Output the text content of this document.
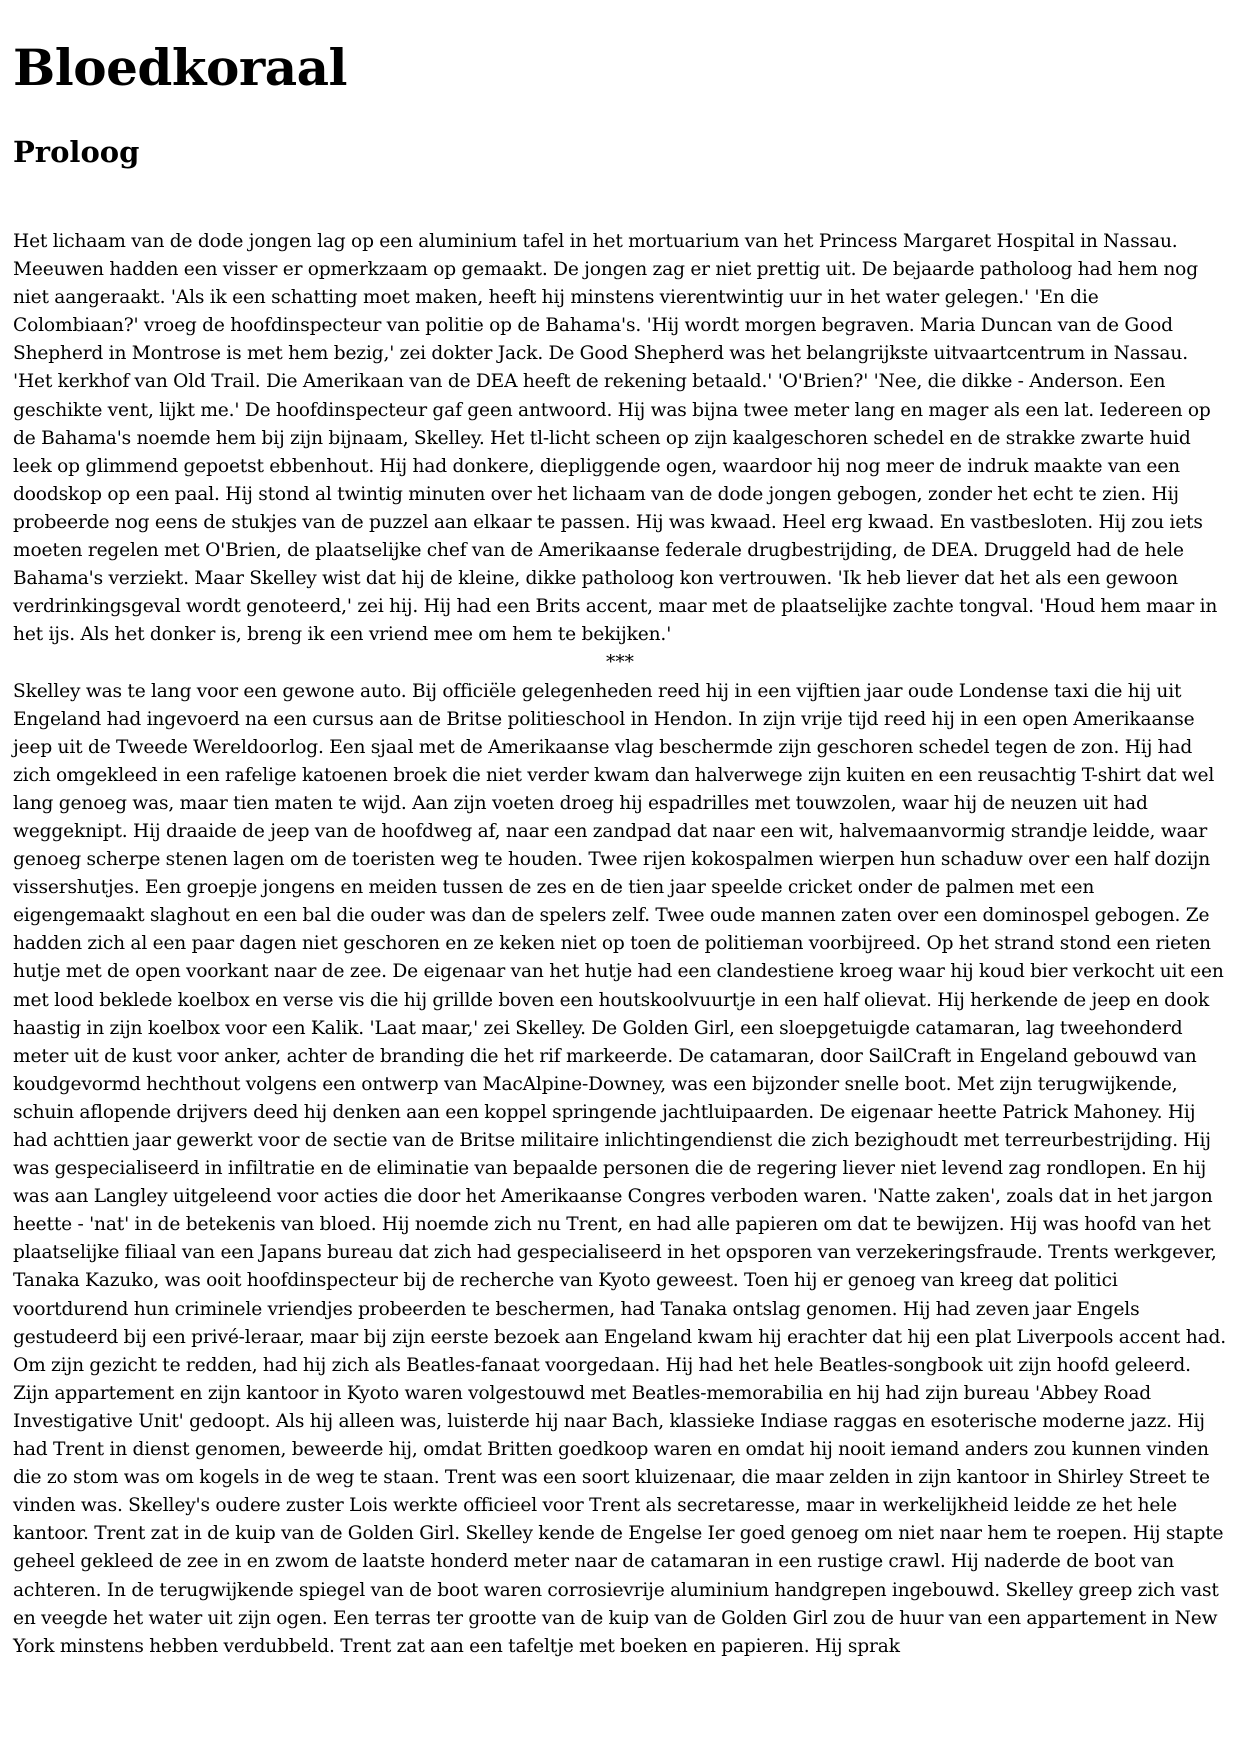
Bloedkoraal
Proloog

Het lichaam van de dode jongen lag op een aluminium tafel in het mortuarium van het Princess Margaret Hospital in Nassau. Meeuwen hadden een visser er opmerkzaam op gemaakt. De jongen zag er niet prettig uit. De bejaarde patholoog had hem nog niet aangeraakt. 'Als ik een schatting moet maken, heeft hij minstens vierentwintig uur in het water gelegen.' 'En die Colombiaan?' vroeg de hoofdinspecteur van politie op de Bahama's. 'Hij wordt morgen begraven. Maria Duncan van de Good Shepherd in Montrose is met hem bezig,' zei dokter Jack. De Good Shepherd was het belangrijkste uitvaartcentrum in Nassau. 'Het kerkhof van Old Trail. Die Amerikaan van de DEA heeft de rekening betaald.' 'O'Brien?' 'Nee, die dikke - Anderson. Een geschikte vent, lijkt me.' De hoofdinspecteur gaf geen antwoord. Hij was bijna twee meter lang en mager als een lat. Iedereen op de Bahama's noemde hem bij zijn bijnaam, Skelley. Het tl-licht scheen op zijn kaalgeschoren schedel en de strakke zwarte huid leek op glimmend gepoetst ebbenhout. Hij had donkere, diepliggende ogen, waardoor hij nog meer de indruk maakte van een doodskop op een paal. Hij stond al twintig minuten over het lichaam van de dode jongen gebogen, zonder het echt te zien. Hij probeerde nog eens de stukjes van de puzzel aan elkaar te passen. Hij was kwaad. Heel erg kwaad. En vastbesloten. Hij zou iets moeten regelen met O'Brien, de plaatselijke chef van de Amerikaanse federale drugbestrijding, de DEA. Druggeld had de hele Bahama's verziekt. Maar Skelley wist dat hij de kleine, dikke patholoog kon vertrouwen. 'Ik heb liever dat het als een gewoon verdrinkingsgeval wordt genoteerd,' zei hij. Hij had een Brits accent, maar met de plaatselijke zachte tongval. 'Houd hem maar in het ijs. Als het donker is, breng ik een vriend mee om hem te bekijken.'

***

Skelley was te lang voor een gewone auto. Bij officiële gelegenheden reed hij in een vijftien jaar oude Londense taxi die hij uit Engeland had ingevoerd na een cursus aan de Britse politieschool in Hendon. In zijn vrije tijd reed hij in een open Amerikaanse jeep uit de Tweede Wereldoorlog. Een sjaal met de Amerikaanse vlag beschermde zijn geschoren schedel tegen de zon. Hij had zich omgekleed in een rafelige katoenen broek die niet verder kwam dan halverwege zijn kuiten en een reusachtig T-shirt dat wel lang genoeg was, maar tien maten te wijd. Aan zijn voeten droeg hij espadrilles met touwzolen, waar hij de neuzen uit had weggeknipt. Hij draaide de jeep van de hoofdweg af, naar een zandpad dat naar een wit, halvemaanvormig strandje leidde, waar genoeg scherpe stenen lagen om de toeristen weg te houden. Twee rijen kokospalmen wierpen hun schaduw over een half dozijn vissershutjes. Een groepje jongens en meiden tussen de zes en de tien jaar speelde cricket onder de palmen met een eigengemaakt slaghout en een bal die ouder was dan de spelers zelf. Twee oude mannen zaten over een dominospel gebogen. Ze hadden zich al een paar dagen niet geschoren en ze keken niet op toen de politieman voorbijreed. Op het strand stond een rieten hutje met de open voorkant naar de zee. De eigenaar van het hutje had een clandestiene kroeg waar hij koud bier verkocht uit een met lood beklede koelbox en verse vis die hij grillde boven een houtskoolvuurtje in een half olievat. Hij herkende de jeep en dook haastig in zijn koelbox voor een Kalik. 'Laat maar,' zei Skelley. De Golden Girl, een sloepgetuigde catamaran, lag tweehonderd meter uit de kust voor anker, achter de branding die het rif markeerde. De catamaran, door SailCraft in Engeland gebouwd van koudgevormd hechthout volgens een ontwerp van MacAlpine-Downey, was een bijzonder snelle boot. Met zijn terugwijkende, schuin aflopende drijvers deed hij denken aan een koppel springende jachtluipaarden. De eigenaar heette Patrick Mahoney. Hij had achttien jaar gewerkt voor de sectie van de Britse militaire inlichtingendienst die zich bezighoudt met terreurbestrijding. Hij was gespecialiseerd in infiltratie en de eliminatie van bepaalde personen die de regering liever niet levend zag rondlopen. En hij was aan Langley uitgeleend voor acties die door het Amerikaanse Congres verboden waren. 'Natte zaken', zoals dat in het jargon heette - 'nat' in de betekenis van bloed. Hij noemde zich nu Trent, en had alle papieren om dat te bewijzen. Hij was hoofd van het plaatselijke filiaal van een Japans bureau dat zich had gespecialiseerd in het opsporen van verzekeringsfraude. Trents werkgever, Tanaka Kazuko, was ooit hoofdinspecteur bij de recherche van Kyoto geweest. Toen hij er genoeg van kreeg dat politici voortdurend hun criminele vriendjes probeerden te beschermen, had Tanaka ontslag genomen. Hij had zeven jaar Engels gestudeerd bij een privé-leraar, maar bij zijn eerste bezoek aan Engeland kwam hij erachter dat hij een plat Liverpools accent had. Om zijn gezicht te redden, had hij zich als Beatles-fanaat voorgedaan. Hij had het hele Beatles-songbook uit zijn hoofd geleerd. Zijn appartement en zijn kantoor in Kyoto waren volgestouwd met Beatles-memorabilia en hij had zijn bureau 'Abbey Road Investigative Unit' gedoopt. Als hij alleen was, luisterde hij naar Bach, klassieke Indiase raggas en esoterische moderne jazz. Hij had Trent in dienst genomen, beweerde hij, omdat Britten goedkoop waren en omdat hij nooit iemand anders zou kunnen vinden die zo stom was om kogels in de weg te staan. Trent was een soort kluizenaar, die maar zelden in zijn kantoor in Shirley Street te vinden was. Skelley's oudere zuster Lois werkte officieel voor Trent als secretaresse, maar in werkelijkheid leidde ze het hele kantoor. Trent zat in de kuip van de Golden Girl. Skelley kende de Engelse Ier goed genoeg om niet naar hem te roepen. Hij stapte geheel gekleed de zee in en zwom de laatste honderd meter naar de catamaran in een rustige crawl. Hij naderde de boot van achteren. In de terugwijkende spiegel van de boot waren corrosievrije aluminium handgrepen ingebouwd. Skelley greep zich vast en veegde het water uit zijn ogen. Een terras ter grootte van de kuip van de Golden Girl zou de huur van een appartement in New York minstens hebben verdubbeld. Trent zat aan een tafeltje met boeken en papieren. Hij sprak
